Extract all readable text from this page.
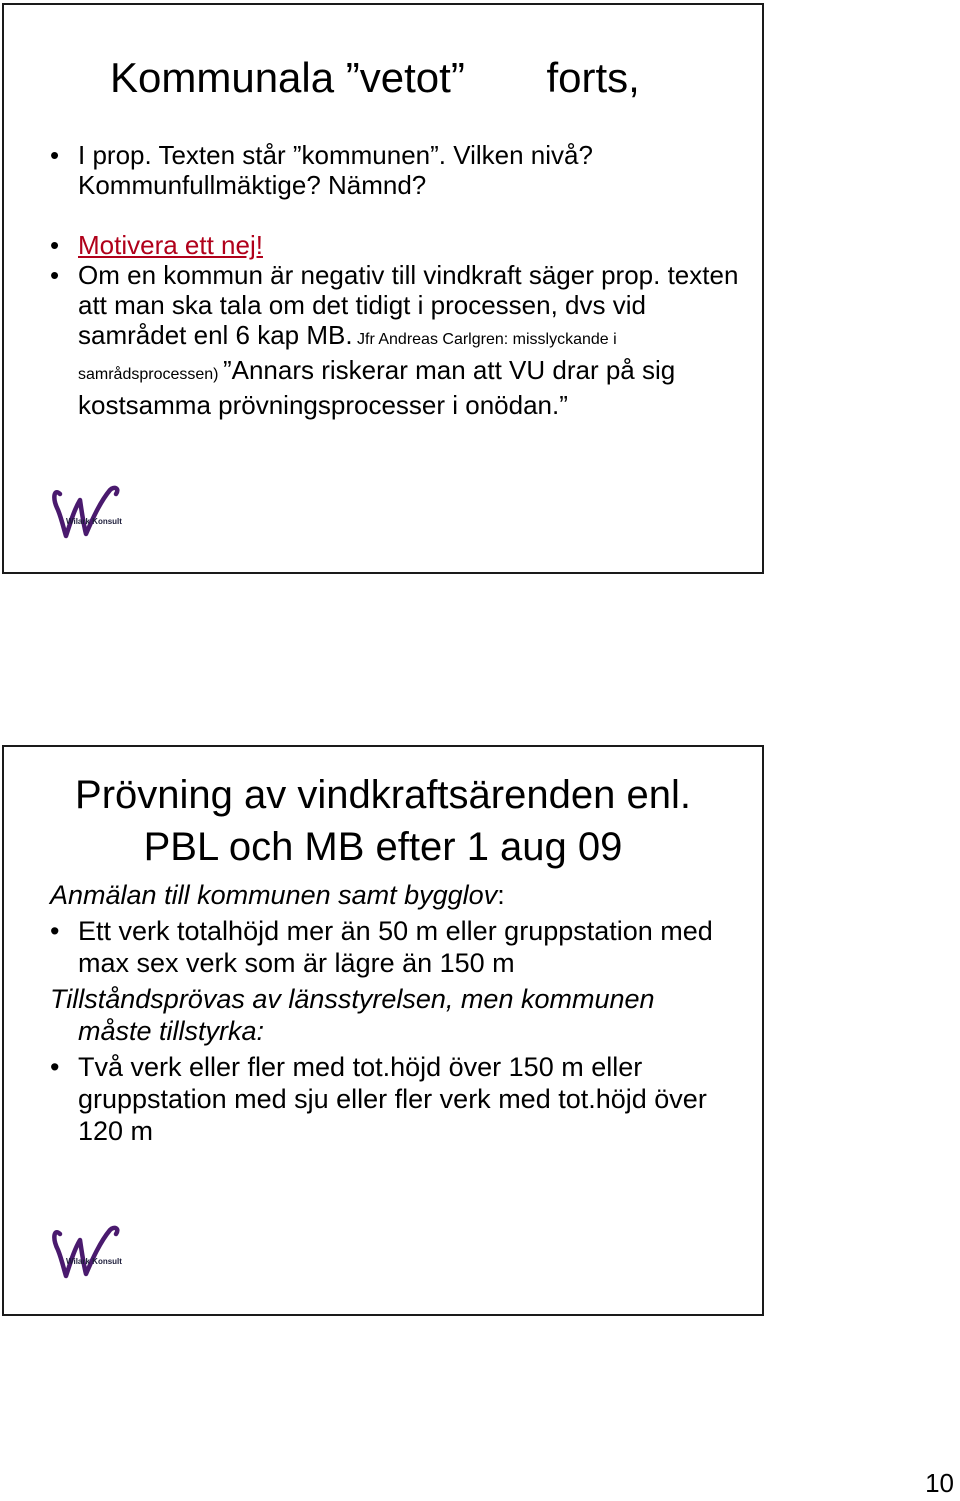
Kommunala ”vetot”       forts,
• I prop. Texten står ”kommunen”. Vilken nivå? Kommunfullmäktige? Nämnd?
• Motivera ett nej!
• Om en kommun är negativ till vindkraft säger prop. texten att man ska tala om det tidigt i processen, dvs vid samrådet enl 6 kap MB. Jfr Andreas Carlgren: misslyckande i samrådsprocessen) ”Annars riskerar man att VU drar på sig kostsamma prövningsprocesser i onödan.”
Wilark Konsult
Prövning av vindkraftsärenden enl.
PBL och MB efter 1 aug 09

Anmälan till kommunen samt bygglov:

• Ett verk totalhöjd mer än 50 m eller gruppstation med max sex verk som är lägre än 150 m

Tillståndsprövas av länsstyrelsen, men kommunen

måste tillstyrka:

• Två verk eller fler med tot.höjd över 150 m eller gruppstation med sju eller fler verk med tot.höjd över 120 m
Wilark Konsult
10
